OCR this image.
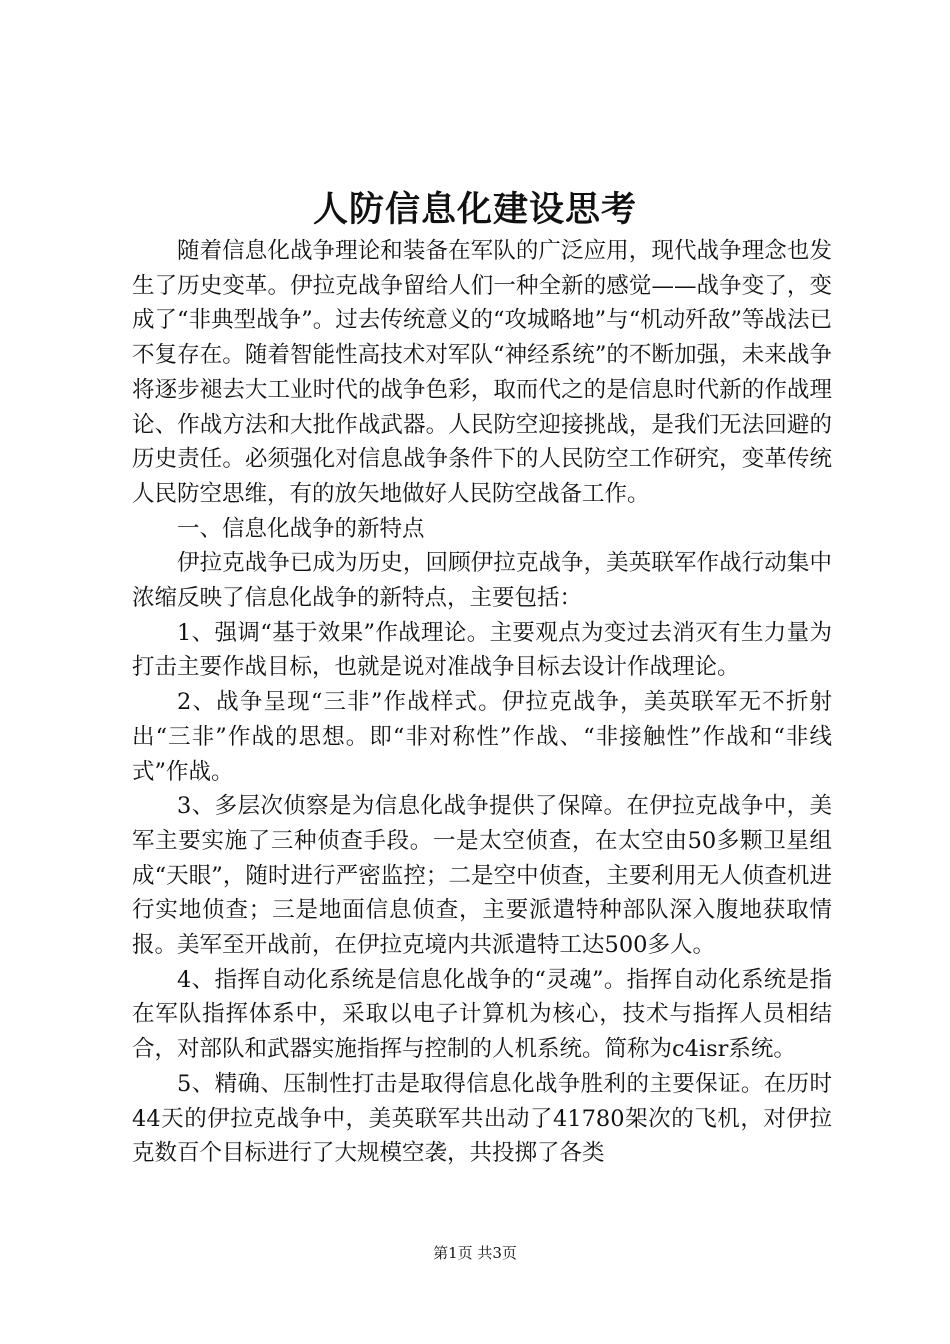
人防信息化建设思考

随着信息化战争理论和装备在军队的广泛应用，现代战争理念也发生了历史变革。伊拉克战争留给人们一种全新的感觉——战争变了，变成了“非典型战争”。过去传统意义的“攻城略地”与“机动歼敌”等战法已不复存在。随着智能性高技术对军队“神经系统”的不断加强，未来战争将逐步褪去大工业时代的战争色彩，取而代之的是信息时代新的作战理论、作战方法和大批作战武器。人民防空迎接挑战，是我们无法回避的历史责任。必须强化对信息战争条件下的人民防空工作研究，变革传统人民防空思维，有的放矢地做好人民防空战备工作。

一、信息化战争的新特点

伊拉克战争已成为历史，回顾伊拉克战争，美英联军作战行动集中浓缩反映了信息化战争的新特点，主要包括：

1、强调“基于效果”作战理论。主要观点为变过去消灭有生力量为打击主要作战目标，也就是说对准战争目标去设计作战理论。

2、战争呈现“三非”作战样式。伊拉克战争，美英联军无不折射出“三非”作战的思想。即“非对称性”作战、“非接触性”作战和“非线式”作战。

3、多层次侦察是为信息化战争提供了保障。在伊拉克战争中，美军主要实施了三种侦查手段。一是太空侦查，在太空由50多颗卫星组成“天眼”，随时进行严密监控；二是空中侦查，主要利用无人侦查机进行实地侦查；三是地面信息侦查，主要派遣特种部队深入腹地获取情报。美军至开战前，在伊拉克境内共派遣特工达500多人。

4、指挥自动化系统是信息化战争的“灵魂”。指挥自动化系统是指在军队指挥体系中，采取以电子计算机为核心，技术与指挥人员相结合，对部队和武器实施指挥与控制的人机系统。简称为c4isr系统。

5、精确、压制性打击是取得信息化战争胜利的主要保证。在历时44天的伊拉克战争中，美英联军共出动了41780架次的飞机，对伊拉克数百个目标进行了大规模空袭，共投掷了各类

第1页 共3页
